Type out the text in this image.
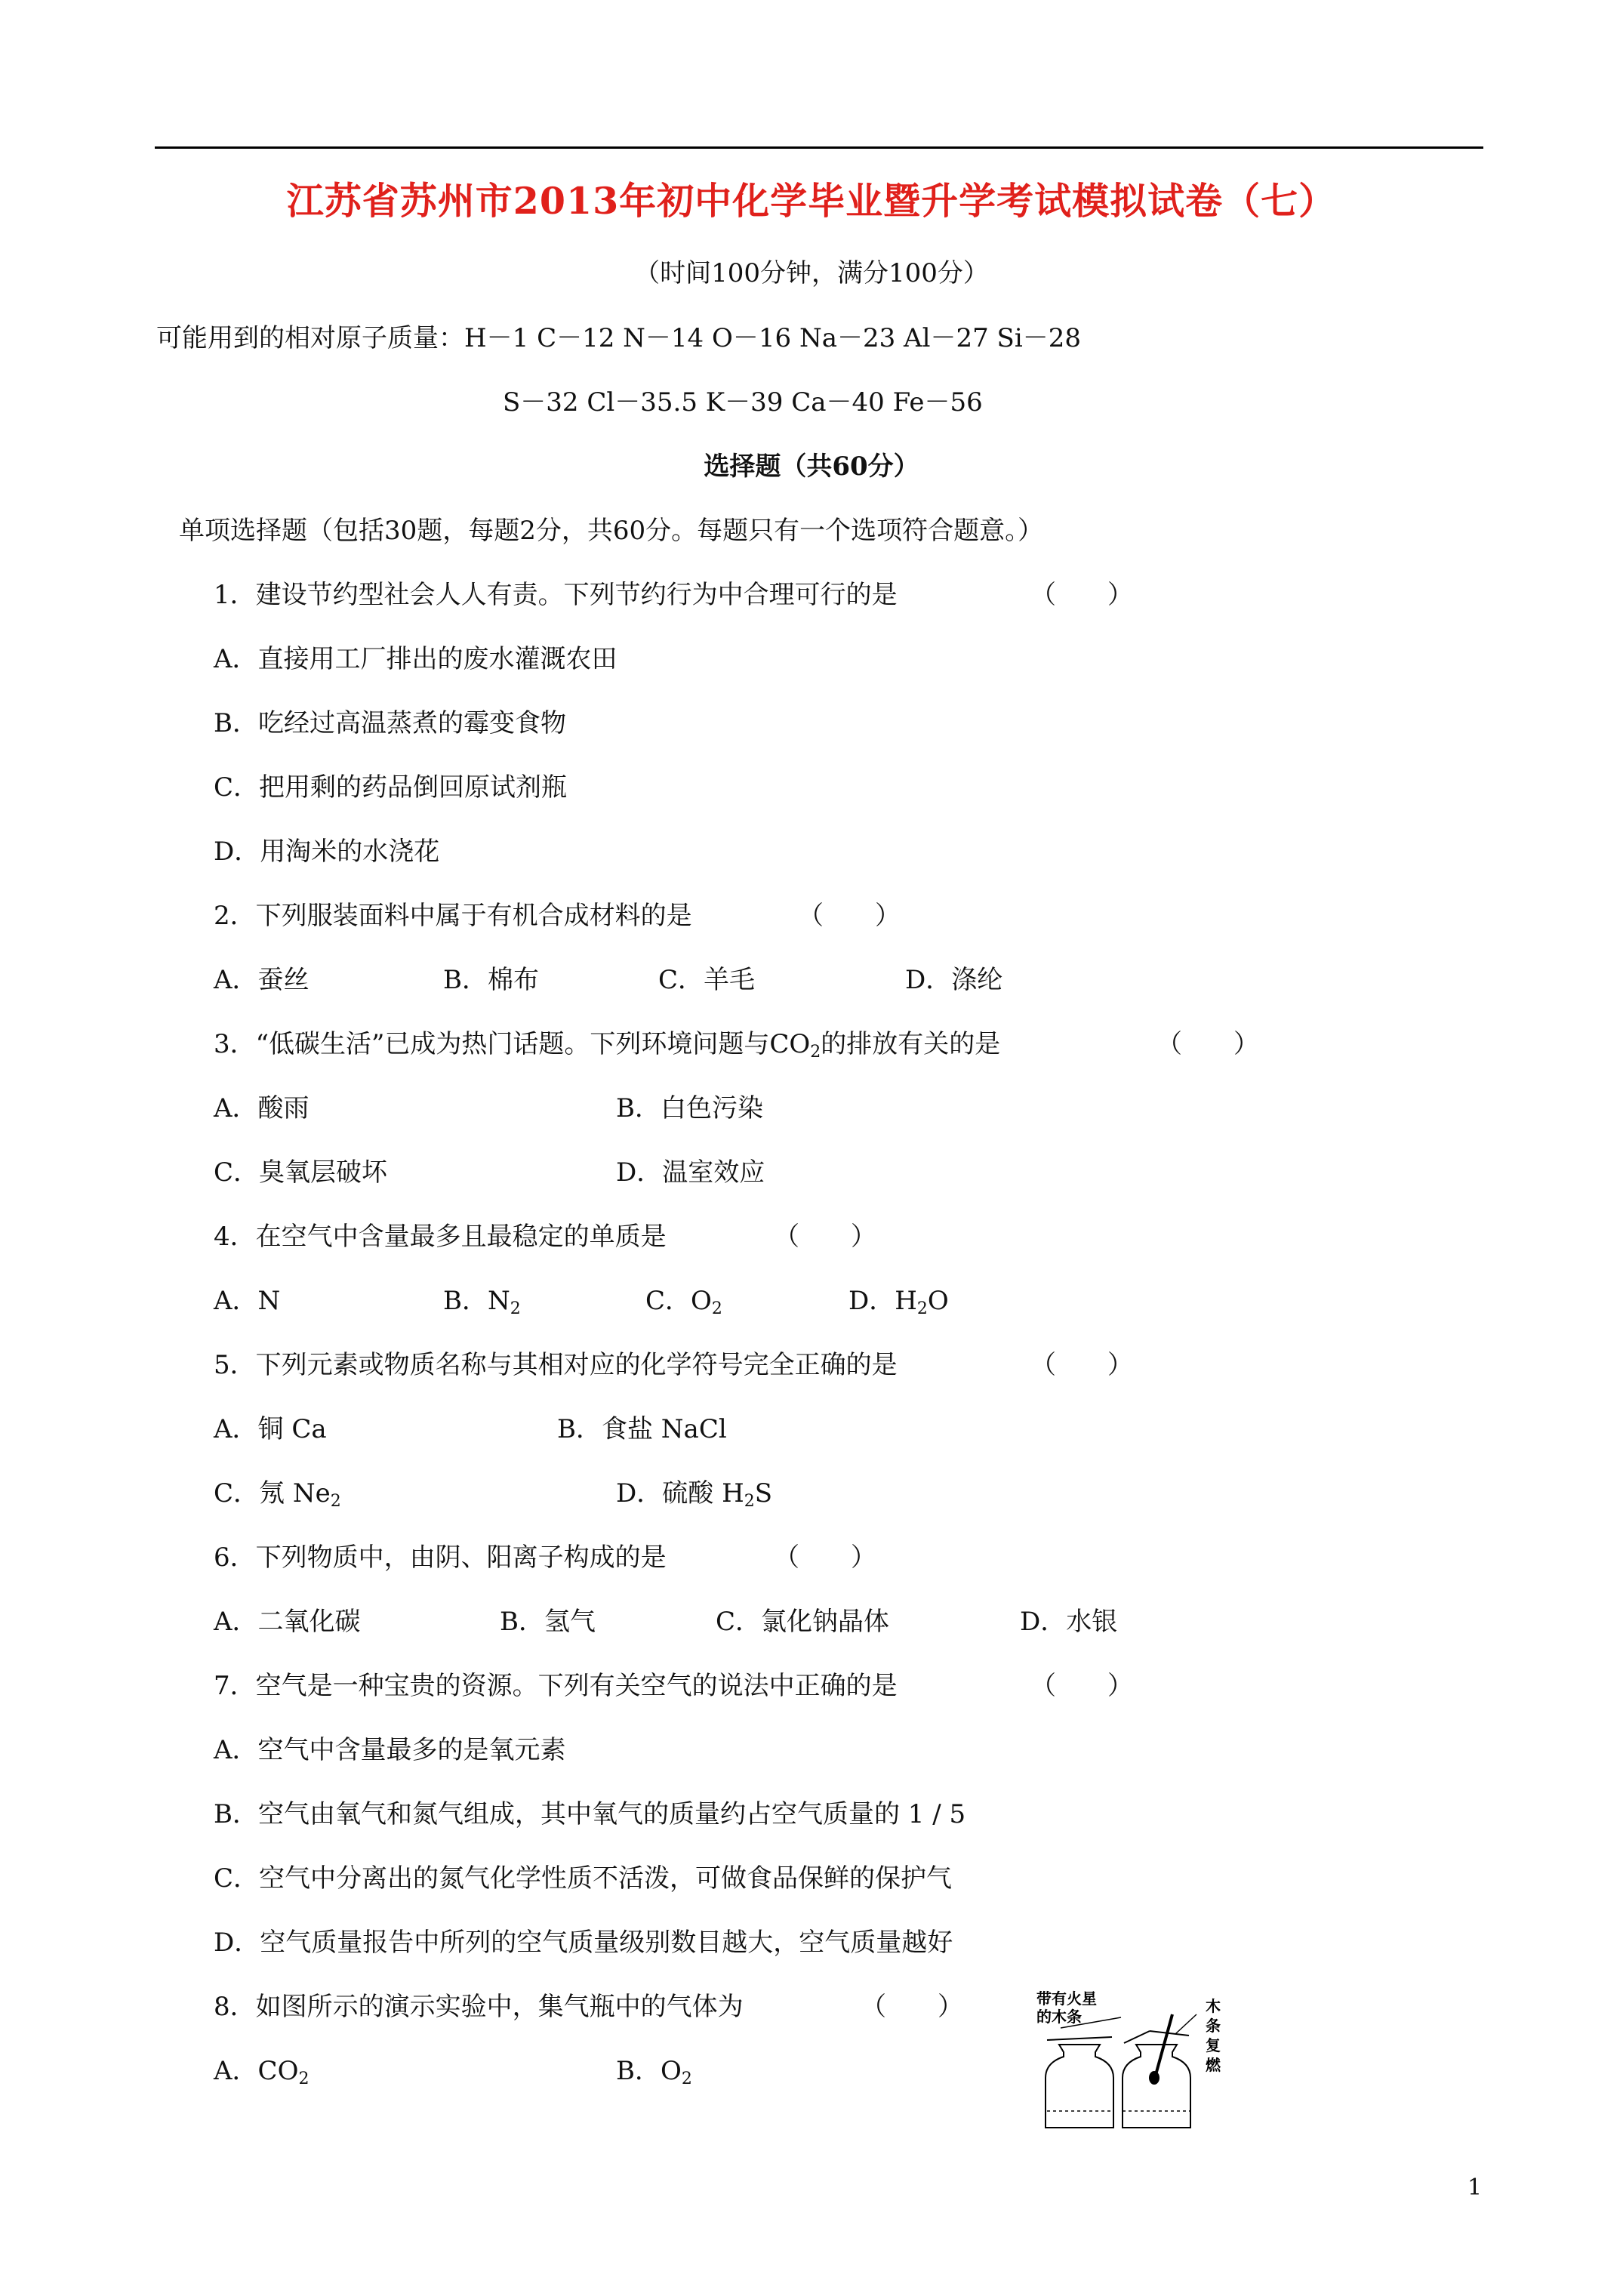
江苏省苏州市2013年初中化学毕业暨升学考试模拟试卷（七）
（时间100分钟，满分100分）
可能用到的相对原子质量：H－1 C－12 N－14 O－16 Na－23 Al－27 Si－28
S－32 Cl－35.5 K－39 Ca－40 Fe－56
选择题（共60分）
单项选择题（包括30题，每题2分，共60分。每题只有一个选项符合题意。）
1．建设节约型社会人人有责。下列节约行为中合理可行的是	（　　）
A．直接用工厂排出的废水灌溉农田
B．吃经过高温蒸煮的霉变食物
C．把用剩的药品倒回原试剂瓶
D．用淘米的水浇花
2．下列服装面料中属于有机合成材料的是	（　　）
A．蚕丝	B．棉布	C．羊毛	D．涤纶
3．“低碳生活”已成为热门话题。下列环境问题与$CO_2$的排放有关的是	（　　）
A．酸雨	B．白色污染
C．臭氧层破坏	D．温室效应
4．在空气中含量最多且最稳定的单质是	（　　）
A．N	B．$N_2$	C．$O_2$	D．$H_2O$
5．下列元素或物质名称与其相对应的化学符号完全正确的是	（　　）
A．铜 Ca	B．食盐 NaCl
C．氖 $Ne_2$	D．硫酸 $H_2S$
6．下列物质中，由阴、阳离子构成的是	（　　）
A．二氧化碳	B．氢气	C．氯化钠晶体	D．水银
7．空气是一种宝贵的资源。下列有关空气的说法中正确的是	（　　）
A．空气中含量最多的是氧元素
B．空气由氧气和氮气组成，其中氧气的质量约占空气质量的 1 / 5
C．空气中分离出的氮气化学性质不活泼，可做食品保鲜的保护气
D．空气质量报告中所列的空气质量级别数目越大，空气质量越好
8．如图所示的演示实验中，集气瓶中的气体为	（　　）
A．$CO_2$	B．$O_2$
带有火星
的木条
木
条
复
燃
1
